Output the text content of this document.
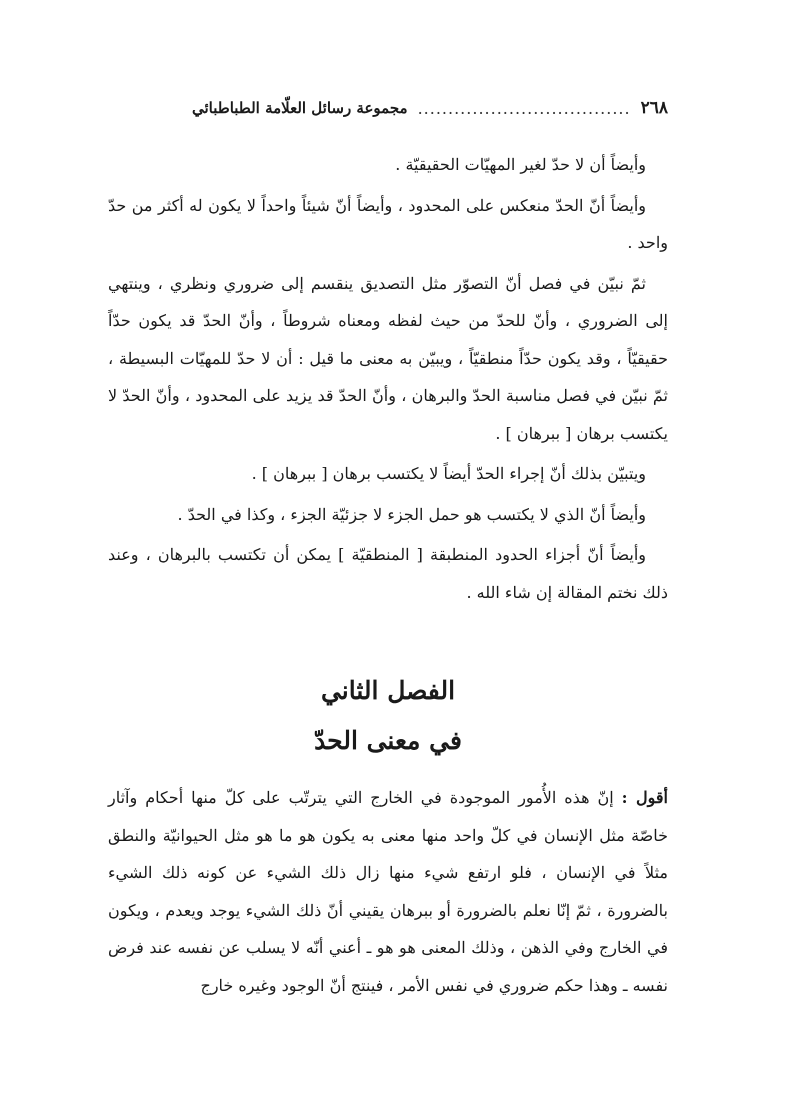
٢٦٨
...................................
مجموعة رسائل العلّامة الطباطبائي

وأيضاً أن لا حدّ لغير المهيّات الحقيقيّة .

وأيضاً أنّ الحدّ منعكس على المحدود ، وأيضاً أنّ شيئاً واحداً لا يكون له أكثر من حدّ واحد .

ثمّ نبيّن في فصل أنّ التصوّر مثل التصديق ينقسم إلى ضروري ونظري ، وينتهي إلى الضروري ، وأنّ للحدّ من حيث لفظه ومعناه شروطاً ، وأنّ الحدّ قد يكون حدّاً حقيقيّاً ، وقد يكون حدّاً منطقيّاً ، ويبيّن به معنى ما قيل : أن لا حدّ للمهيّات البسيطة ، ثمّ نبيّن في فصل مناسبة الحدّ والبرهان ، وأنّ الحدّ قد يزيد على المحدود ، وأنّ الحدّ لا يكتسب برهان [ ببرهان ] .

ويتبيّن بذلك أنّ إجراء الحدّ أيضاً لا يكتسب برهان [ ببرهان ] .

وأيضاً أنّ الذي لا يكتسب هو حمل الجزء لا جزئيّة الجزء ، وكذا في الحدّ .

وأيضاً أنّ أجزاء الحدود المنطبقة [ المنطقيّة ] يمكن أن تكتسب بالبرهان ، وعند ذلك نختم المقالة إن شاء الله .

الفصل الثاني
في معنى الحدّ

أقول : إنّ هذه الأُمور الموجودة في الخارج التي يترتّب على كلّ منها أحكام وآثار خاصّة مثل الإنسان في كلّ واحد منها معنى به يكون هو ما هو مثل الحيوانيّة والنطق مثلاً في الإنسان ، فلو ارتفع شيء منها زال ذلك الشيء عن كونه ذلك الشيء بالضرورة ، ثمّ إنّا نعلم بالضرورة أو ببرهان يقيني أنّ ذلك الشيء يوجد ويعدم ، ويكون في الخارج وفي الذهن ، وذلك المعنى هو هو ـ أعني أنّه لا يسلب عن نفسه عند فرض نفسه ـ وهذا حكم ضروري في نفس الأمر ، فينتج أنّ الوجود وغيره خارج
